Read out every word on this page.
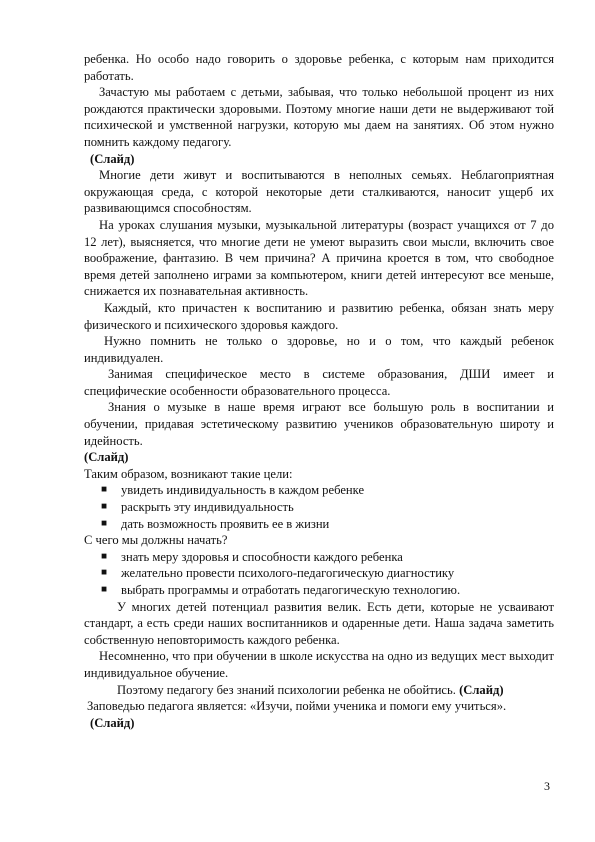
ребенка. Но особо надо говорить о здоровье ребенка, с которым нам приходится работать.

Зачастую мы работаем с детьми, забывая, что только небольшой процент из них рождаются практически здоровыми. Поэтому многие наши дети не выдерживают той психической и умственной нагрузки, которую мы даем на занятиях. Об этом нужно помнить каждому педагогу.

(Слайд)

Многие дети живут и воспитываются в неполных семьях. Неблагоприятная окружающая среда, с которой некоторые дети сталкиваются, наносит ущерб их развивающимся способностям.

На уроках слушания музыки, музыкальной литературы (возраст учащихся от 7 до 12 лет), выясняется, что многие дети не умеют выразить свои мысли, включить свое воображение, фантазию. В чем причина? А причина кроется в том, что свободное время детей заполнено играми за компьютером, книги детей интересуют все меньше, снижается их познавательная активность.

Каждый, кто причастен к воспитанию и развитию ребенка, обязан знать меру физического и психического здоровья каждого.

Нужно помнить не только о здоровье, но и о том, что каждый ребенок индивидуален.

Занимая специфическое место в системе образования, ДШИ имеет и специфические особенности образовательного процесса.

Знания о музыке в наше время играют все большую роль в воспитании и обучении, придавая эстетическому развитию учеников образовательную широту и идейность.

(Слайд)

Таким образом, возникают такие цели:

■ увидеть индивидуальность в каждом ребенке
■ раскрыть эту индивидуальность
■ дать возможность проявить ее в жизни

С чего мы должны начать?

■ знать меру здоровья и способности каждого ребенка
■ желательно провести психолого-педагогическую диагностику
■ выбрать программы и отработать педагогическую технологию.

У многих детей потенциал развития велик. Есть дети, которые не усваивают стандарт, а есть среди наших воспитанников и одаренные дети. Наша задача заметить собственную неповторимость каждого ребенка.

Несомненно, что при обучении в школе искусства на одно из ведущих мест выходит индивидуальное обучение.

Поэтому педагогу без знаний психологии ребенка не обойтись. (Слайд)

Заповедью педагога является: «Изучи, пойми ученика и помоги ему учиться».

(Слайд)

3
